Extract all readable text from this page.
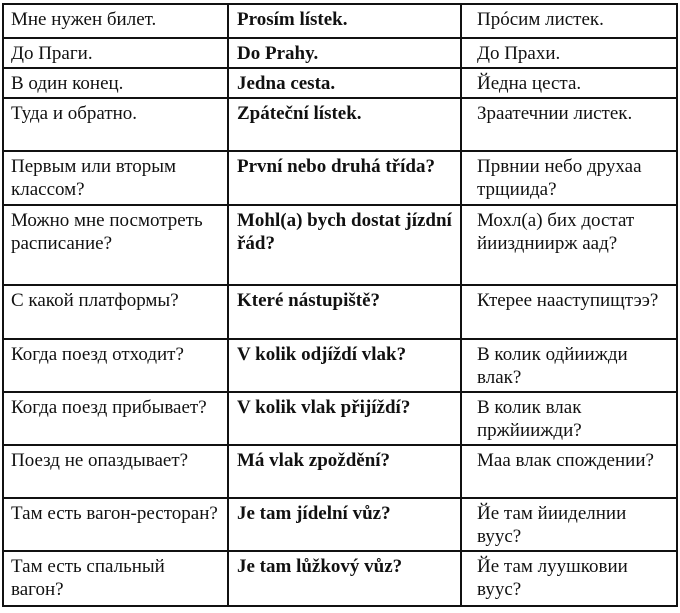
Мне нужен билет.	Prosím lístek.	Пpóсим лиcтек.
До Праги.	Do Prahy.	До Прахи.
В один конец.	Jedna cesta.	Йедна цеста.
Туда и обратно.	Zpáteční lístek.	Зраатечнии листек.
Первым или вторым классом?	První nebo druhá třída?	Првнии небо друхаа трщиида?
Можно мне посмотреть расписание?	Mohl(a) bych dostat jízdní řád?	Мохл(а) бих достат йииздниирж aaд?
С какой платформы?	Které nástupiště?	Ктерее наaступищтээ?
Когда поезд отходит?	V kolik odjíždí vlak?	В колик одйиижди влак?
Когда поезд прибывает?	V kolik vlak přijíždí?	В колик влак пржйиижди?
Поезд не опаздывает?	Má vlak zpoždění?	Маа влак спождении?
Там есть вагон-ресторан?	Je tam jídelní vůz?	Йе там йииделнии вуус?
Там есть спальный вагон?	Je tam lůžkový vůz?	Йе там луушковии вуус?
